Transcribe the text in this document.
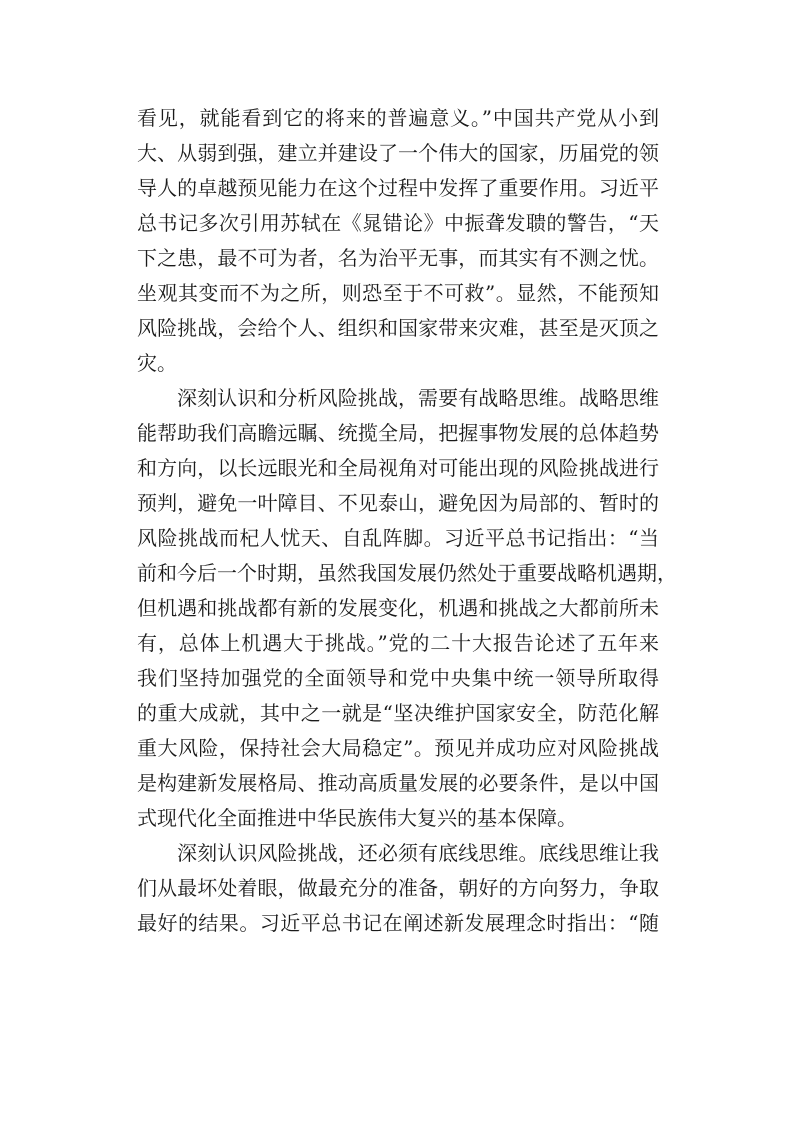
看见，就能看到它的将来的普遍意义。”中国共产党从小到
大、从弱到强，建立并建设了一个伟大的国家，历届党的领
导人的卓越预见能力在这个过程中发挥了重要作用。习近平
总书记多次引用苏轼在《晁错论》中振聋发聩的警告，“天
下之患，最不可为者，名为治平无事，而其实有不测之忧。
坐观其变而不为之所，则恐至于不可救”。显然，不能预知
风险挑战，会给个人、组织和国家带来灾难，甚至是灭顶之
灾。
深刻认识和分析风险挑战，需要有战略思维。战略思维
能帮助我们高瞻远瞩、统揽全局，把握事物发展的总体趋势
和方向，以长远眼光和全局视角对可能出现的风险挑战进行
预判，避免一叶障目、不见泰山，避免因为局部的、暂时的
风险挑战而杞人忧天、自乱阵脚。习近平总书记指出：“当
前和今后一个时期，虽然我国发展仍然处于重要战略机遇期，
但机遇和挑战都有新的发展变化，机遇和挑战之大都前所未
有，总体上机遇大于挑战。”党的二十大报告论述了五年来
我们坚持加强党的全面领导和党中央集中统一领导所取得
的重大成就，其中之一就是“坚决维护国家安全，防范化解
重大风险，保持社会大局稳定”。预见并成功应对风险挑战
是构建新发展格局、推动高质量发展的必要条件，是以中国
式现代化全面推进中华民族伟大复兴的基本保障。
深刻认识风险挑战，还必须有底线思维。底线思维让我
们从最坏处着眼，做最充分的准备，朝好的方向努力，争取
最好的结果。习近平总书记在阐述新发展理念时指出：“随
